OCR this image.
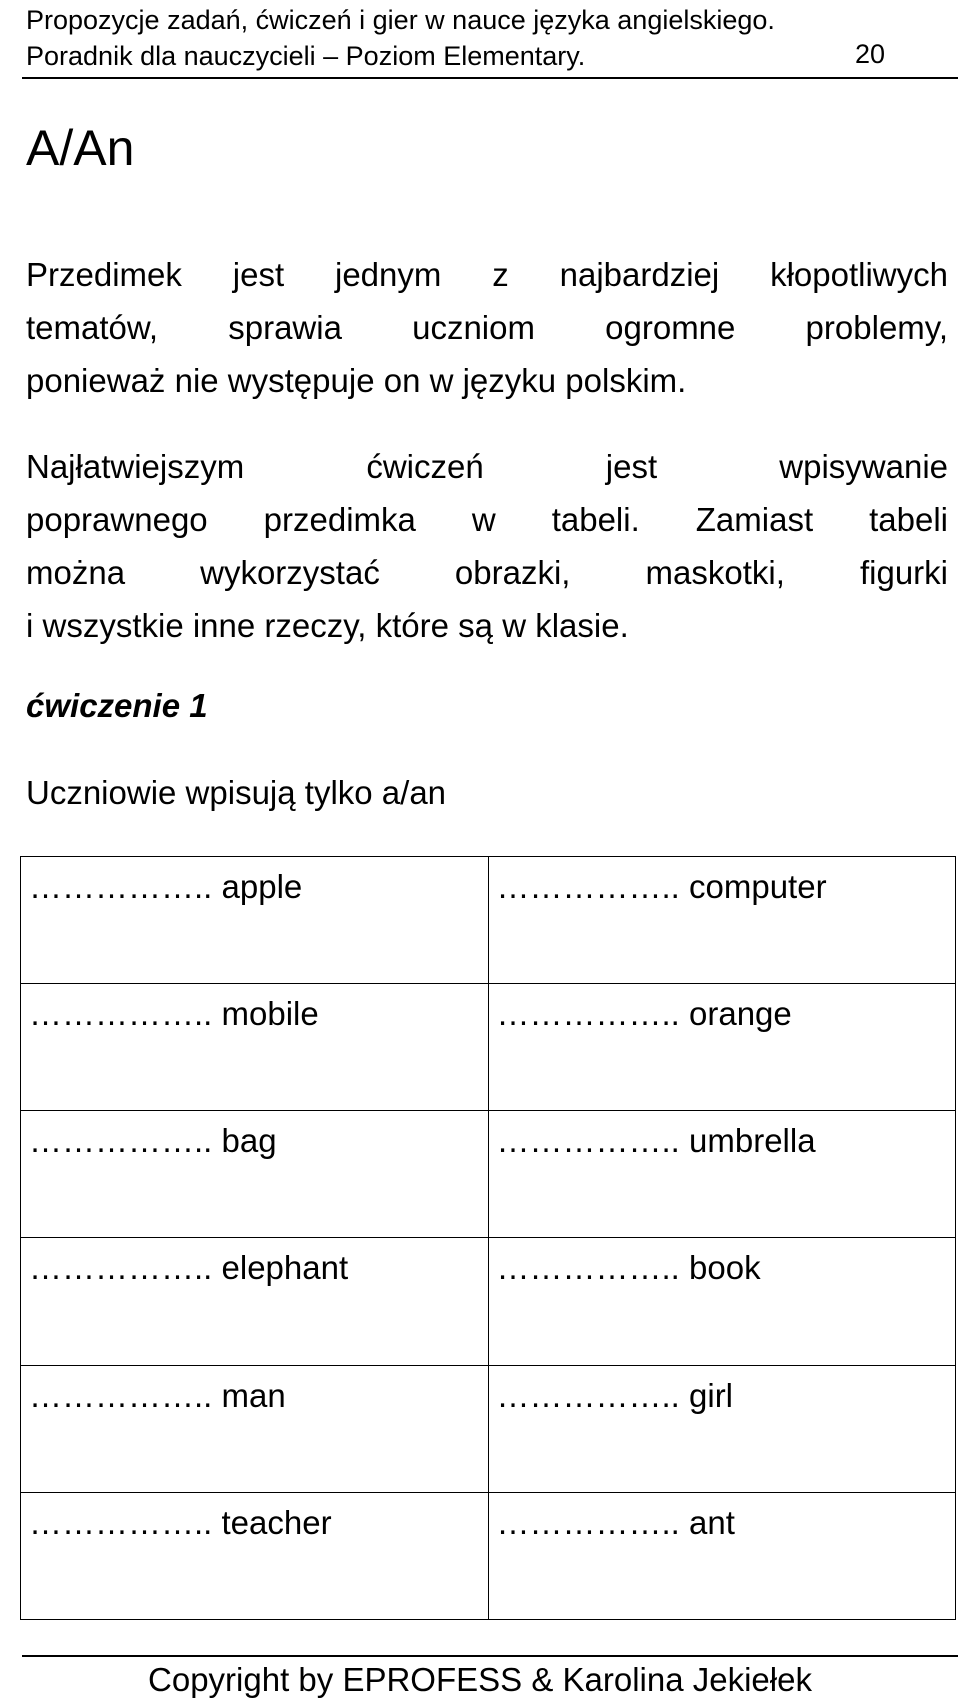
Propozycje zadań, ćwiczeń i gier w nauce języka angielskiego.
Poradnik dla nauczycieli – Poziom Elementary.	20
A/An

Przedimek jest jednym z najbardziej kłopotliwych
tematów, sprawia uczniom ogromne problemy,
ponieważ nie występuje on w języku polskim.

Najłatwiejszym ćwiczeń jest wpisywanie
poprawnego przedimka w tabeli. Zamiast tabeli
można wykorzystać obrazki, maskotki, figurki
i wszystkie inne rzeczy, które są w klasie.

ćwiczenie 1

Uczniowie wpisują tylko a/an

…………….. apple	…………….. computer
…………….. mobile	…………….. orange
…………….. bag	…………….. umbrella
…………….. elephant	…………….. book
…………….. man	…………….. girl
…………….. teacher	…………….. ant
Copyright by EPROFESS & Karolina Jekiełek
